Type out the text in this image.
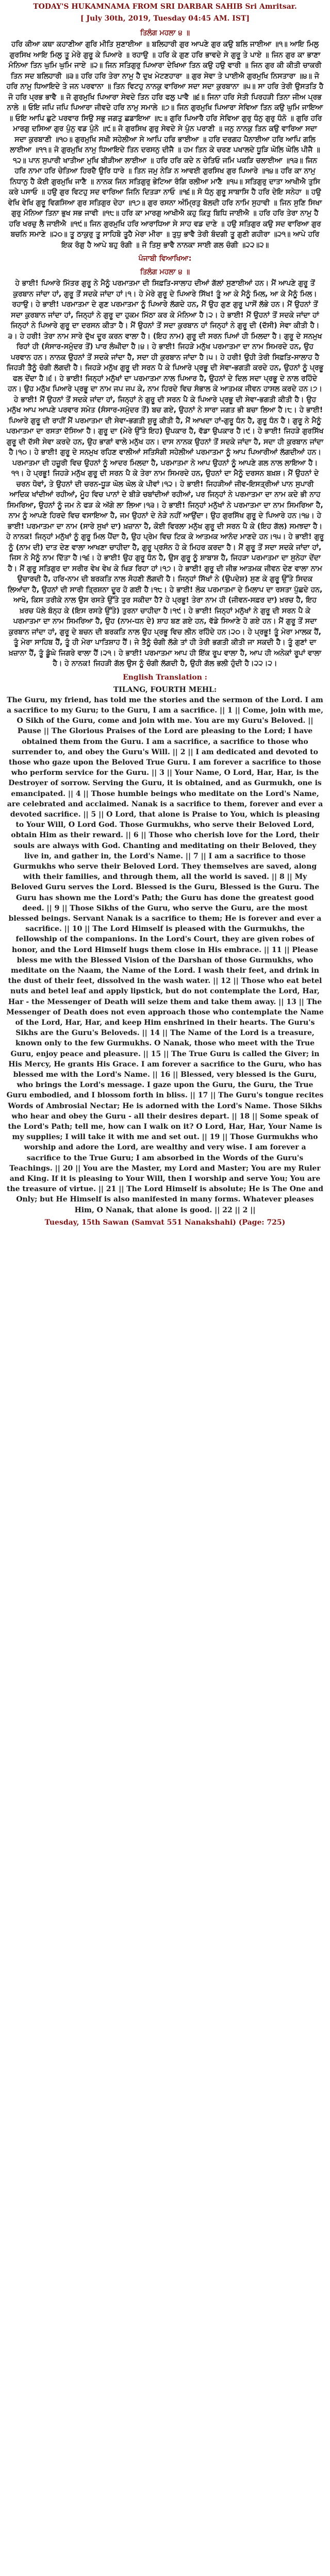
TODAY'S HUKAMNAMA FROM SRI DARBAR SAHIB Sri Amritsar.

[ July 30th, 2019, Tuesday 04:45 AM. IST]

ਤਿਲੰਗ ਮਹਲਾ ੪ ॥

ਹਰਿ ਕੀਆ ਕਥਾ ਕਹਾਣੀਆ ਗੁਰਿ ਮੀਤਿ ਸੁਣਾਈਆ ॥ ਬਲਿਹਾਰੀ ਗੁਰ ਆਪਣੇ ਗੁਰ ਕਉ ਬਲਿ ਜਾਈਆ ॥੧॥ ਆਇ ਮਿਲੁ ਗੁਰਸਿਖ ਆਇ ਮਿਲੁ ਤੂ ਮੇਰੇ ਗੁਰੂ ਕੇ ਪਿਆਰੇ ॥ ਰਹਾਉ ॥ ਹਰਿ ਕੇ ਗੁਣ ਹਰਿ ਭਾਵਦੇ ਸੇ ਗੁਰੂ ਤੇ ਪਾਏ ॥ ਜਿਨ ਗੁਰ ਕਾ ਭਾਣਾ ਮੰਨਿਆ ਤਿਨ ਘੁਮਿ ਘੁਮਿ ਜਾਏ ॥੨॥ ਜਿਨ ਸਤਿਗੁਰੁ ਪਿਆਰਾ ਦੇਖਿਆ ਤਿਨ ਕਉ ਹਉ ਵਾਰੀ ॥ ਜਿਨ ਗੁਰ ਕੀ ਕੀਤੀ ਚਾਕਰੀ ਤਿਨ ਸਦ ਬਲਿਹਾਰੀ ॥੩॥ ਹਰਿ ਹਰਿ ਤੇਰਾ ਨਾਮੁ ਹੈ ਦੁਖ ਮੇਟਣਹਾਰਾ ॥ ਗੁਰ ਸੇਵਾ ਤੇ ਪਾਈਐ ਗੁਰਮੁਖਿ ਨਿਸਤਾਰਾ ॥੪॥ ਜੋ ਹਰਿ ਨਾਮੁ ਧਿਆਇਦੇ ਤੇ ਜਨ ਪਰਵਾਨਾ ॥ ਤਿਨ ਵਿਟਹੁ ਨਾਨਕੁ ਵਾਰਿਆ ਸਦਾ ਸਦਾ ਕੁਰਬਾਨਾ ॥੫॥ ਸਾ ਹਰਿ ਤੇਰੀ ਉਸਤਤਿ ਹੈ ਜੋ ਹਰਿ ਪ੍ਰਭ ਭਾਵੈ ॥ ਜੋ ਗੁਰਮੁਖਿ ਪਿਆਰਾ ਸੇਵਦੇ ਤਿਨ ਹਰਿ ਫਲੁ ਪਾਵੈ ॥੬॥ ਜਿਨਾ ਹਰਿ ਸੇਤੀ ਪਿਰਹੜੀ ਤਿਨਾ ਜੀਅ ਪ੍ਰਭ ਨਾਲੇ ॥ ਓਇ ਜਪਿ ਜਪਿ ਪਿਆਰਾ ਜੀਵਦੇ ਹਰਿ ਨਾਮੁ ਸਮਾਲੇ ॥੭॥ ਜਿਨ ਗੁਰਮੁਖਿ ਪਿਆਰਾ ਸੇਵਿਆ ਤਿਨ ਕਉ ਘੁਮਿ ਜਾਇਆ ॥ ਓਇ ਆਪਿ ਛੁਟੇ ਪਰਵਾਰ ਸਿਉ ਸਭੁ ਜਗਤੁ ਛਡਾਇਆ ॥੮॥ ਗੁਰਿ ਪਿਆਰੈ ਹਰਿ ਸੇਵਿਆ ਗੁਰੁ ਧੰਨੁ ਗੁਰੁ ਧੰਨੋ ॥ ਗੁਰਿ ਹਰਿ ਮਾਰਗੁ ਦਸਿਆ ਗੁਰ ਪੁੰਨੁ ਵਡ ਪੁੰਨੋ ॥੯॥ ਜੋ ਗੁਰਸਿਖ ਗੁਰੁ ਸੇਵਦੇ ਸੇ ਪੁੰਨ ਪਰਾਣੀ ॥ ਜਨੁ ਨਾਨਕੁ ਤਿਨ ਕਉ ਵਾਰਿਆ ਸਦਾ ਸਦਾ ਕੁਰਬਾਣੀ ॥੧੦॥ ਗੁਰਮੁਖਿ ਸਖੀ ਸਹੇਲੀਆ ਸੇ ਆਪਿ ਹਰਿ ਭਾਈਆ ॥ ਹਰਿ ਦਰਗਹ ਪੈਨਾਈਆ ਹਰਿ ਆਪਿ ਗਲਿ ਲਾਈਆ ॥੧੧॥ ਜੋ ਗੁਰਮੁਖਿ ਨਾਮੁ ਧਿਆਇਦੇ ਤਿਨ ਦਰਸਨੁ ਦੀਜੈ ॥ ਹਮ ਤਿਨ ਕੇ ਚਰਣ ਪਖਾਲਦੇ ਧੂੜਿ ਘੋਲਿ ਘੋਲਿ ਪੀਜੈ ॥੧੨॥ ਪਾਨ ਸੁਪਾਰੀ ਖਾਤੀਆ ਮੁਖਿ ਬੀੜੀਆ ਲਾਈਆ ॥ ਹਰਿ ਹਰਿ ਕਦੇ ਨ ਚੇਤਿਓ ਜਮਿ ਪਕੜਿ ਚਲਾਈਆ ॥੧੩॥ ਜਿਨ ਹਰਿ ਨਾਮਾ ਹਰਿ ਚੇਤਿਆ ਹਿਰਦੈ ਉਰਿ ਧਾਰੇ ॥ ਤਿਨ ਜਮੁ ਨੇੜਿ ਨ ਆਵਈ ਗੁਰਸਿਖ ਗੁਰ ਪਿਆਰੇ ॥੧੪॥ ਹਰਿ ਕਾ ਨਾਮੁ ਨਿਧਾਨੁ ਹੈ ਕੋਈ ਗੁਰਮੁਖਿ ਜਾਣੈ ॥ ਨਾਨਕ ਜਿਨ ਸਤਿਗੁਰੁ ਭੇਟਿਆ ਰੰਗਿ ਰਲੀਆ ਮਾਣੈ ॥੧੫॥ ਸਤਿਗੁਰੁ ਦਾਤਾ ਆਖੀਐ ਤੁਸਿ ਕਰੇ ਪਸਾਓ ॥ ਹਉ ਗੁਰ ਵਿਟਹੁ ਸਦ ਵਾਰਿਆ ਜਿਨਿ ਦਿਤੜਾ ਨਾਓ ॥੧੬॥ ਸੋ ਧੰਨੁ ਗੁਰੂ ਸਾਬਾਸਿ ਹੈ ਹਰਿ ਦੇਇ ਸਨੇਹਾ ॥ ਹਉ ਵੇਖਿ ਵੇਖਿ ਗੁਰੂ ਵਿਗਸਿਆ ਗੁਰ ਸਤਿਗੁਰ ਦੇਹਾ ॥੧੭॥ ਗੁਰ ਰਸਨਾ ਅੰਮ੍ਰਿਤੁ ਬੋਲਦੀ ਹਰਿ ਨਾਮਿ ਸੁਹਾਵੀ ॥ ਜਿਨ ਸੁਣਿ ਸਿਖਾ ਗੁਰੁ ਮੰਨਿਆ ਤਿਨਾ ਭੁਖ ਸਭ ਜਾਵੀ ॥੧੮॥ ਹਰਿ ਕਾ ਮਾਰਗੁ ਆਖੀਐ ਕਹੁ ਕਿਤੁ ਬਿਧਿ ਜਾਈਐ ॥ ਹਰਿ ਹਰਿ ਤੇਰਾ ਨਾਮੁ ਹੈ ਹਰਿ ਖਰਚੁ ਲੈ ਜਾਈਐ ॥੧੯॥ ਜਿਨ ਗੁਰਮੁਖਿ ਹਰਿ ਆਰਾਧਿਆ ਸੇ ਸਾਹ ਵਡ ਦਾਣੇ ॥ ਹਉ ਸਤਿਗੁਰ ਕਉ ਸਦ ਵਾਰਿਆ ਗੁਰ ਬਚਨਿ ਸਮਾਣੇ ॥੨੦॥ ਤੂ ਠਾਕੁਰੁ ਤੂ ਸਾਹਿਬੋ ਤੂਹੈ ਮੇਰਾ ਮੀਰਾ ॥ ਤੁਧੁ ਭਾਵੈ ਤੇਰੀ ਬੰਦਗੀ ਤੂ ਗੁਣੀ ਗਹੀਰਾ ॥੨੧॥ ਆਪੇ ਹਰਿ ਇਕ ਰੰਗੁ ਹੈ ਆਪੇ ਬਹੁ ਰੰਗੀ ॥ ਜੋ ਤਿਸੁ ਭਾਵੈ ਨਾਨਕਾ ਸਾਈ ਗਲ ਚੰਗੀ ॥੨੨॥੨॥

ਪੰਜਾਬੀ ਵਿਆਖਿਆ:

ਤਿਲੰਗ ਮਹਲਾ ੪ ॥

ਹੇ ਭਾਈ! ਪਿਆਰੇ ਮਿੱਤਰ ਗੁਰੂ ਨੇ ਮੈਨੂੰ ਪਰਮਾਤਮਾ ਦੀ ਸਿਫ਼ਤਿ-ਸਾਲਾਹ ਦੀਆਂ ਗੱਲਾਂ ਸੁਣਾਈਆਂ ਹਨ। ਮੈਂ ਆਪਣੇ ਗੁਰੂ ਤੋਂ ਕੁਰਬਾਨ ਜਾਂਦਾ ਹਾਂ, ਗੁਰੂ ਤੋਂ ਸਦਕੇ ਜਾਂਦਾ ਹਾਂ।੧। ਹੇ ਮੇਰੇ ਗੁਰੂ ਦੇ ਪਿਆਰੇ ਸਿੱਖ! ਤੂੰ ਆ ਕੇ ਮੈਨੂੰ ਮਿਲ, ਆ ਕੇ ਮੈਨੂੰ ਮਿਲ।ਰਹਾਉ। ਹੇ ਭਾਈ! ਪਰਮਾਤਮਾ ਦੇ ਗੁਣ ਪਰਮਾਤਮਾ ਨੂੰ ਪਿਆਰੇ ਲੱਗਦੇ ਹਨ, ਮੈਂ ਉਹ ਗੁਣ ਗੁਰੂ ਪਾਸੋਂ ਲੱਭੇ ਹਨ। ਮੈਂ ਉਹਨਾਂ ਤੋਂ ਸਦਾ ਕੁਰਬਾਨ ਜਾਂਦਾ ਹਾਂ, ਜਿਨ੍ਹਾਂ ਨੇ ਗੁਰੂ ਦਾ ਹੁਕਮ ਮਿੱਠਾ ਕਰ ਕੇ ਮੰਨਿਆ ਹੈ।੨। ਹੇ ਭਾਈ! ਮੈਂ ਉਹਨਾਂ ਤੋਂ ਸਦਕੇ ਜਾਂਦਾ ਹਾਂ ਜਿਨ੍ਹਾਂ ਨੇ ਪਿਆਰੇ ਗੁਰੂ ਦਾ ਦਰਸਨ ਕੀਤਾ ਹੈ। ਮੈਂ ਉਹਨਾਂ ਤੋਂ ਸਦਾ ਕੁਰਬਾਨ ਹਾਂ ਜਿਨ੍ਹਾਂ ਨੇ ਗੁਰੂ ਦੀ (ਦੱਸੀ) ਸੇਵਾ ਕੀਤੀ ਹੈ।੩। ਹੇ ਹਰੀ! ਤੇਰਾ ਨਾਮ ਸਾਰੇ ਦੁੱਖ ਦੂਰ ਕਰਨ ਵਾਲਾ ਹੈ। (ਇਹ ਨਾਮ) ਗੁਰੂ ਦੀ ਸਰਨ ਪਿਆਂ ਹੀ ਮਿਲਦਾ ਹੈ। ਗੁਰੂ ਦੇ ਸਨਮੁਖ ਰਿਹਾਂ ਹੀ (ਸੰਸਾਰ-ਸਮੁੰਦਰ ਤੋਂ) ਪਾਰ ਲੰਘੀਦਾ ਹੈ।੪। ਹੇ ਭਾਈ! ਜਿਹੜੇ ਮਨੁੱਖ ਪਰਮਾਤਮਾ ਦਾ ਨਾਮ ਸਿਮਰਦੇ ਹਨ, ਉਹ ਪਰਵਾਨ ਹਨ। ਨਾਨਕ ਉਹਨਾਂ ਤੋਂ ਸਦਕੇ ਜਾਂਦਾ ਹੈ, ਸਦਾ ਹੀ ਕੁਰਬਾਨ ਜਾਂਦਾ ਹੈ।੫। ਹੇ ਹਰੀ! ਉਹੀ ਤੇਰੀ ਸਿਫ਼ਤਿ-ਸਾਲਾਹ ਹੈ ਜਿਹੜੀ ਤੈਨੂੰ ਚੰਗੀ ਲੱਗਦੀ ਹੈ। ਜਿਹੜੇ ਮਨੁੱਖ ਗੁਰੂ ਦੀ ਸਰਨ ਪੈ ਕੇ ਪਿਆਰੇ ਪ੍ਰਭੂ ਦੀ ਸੇਵਾ-ਭਗਤੀ ਕਰਦੇ ਹਨ, ਉਹਨਾਂ ਨੂੰ ਪ੍ਰਭੂ ਫਲ ਦੇਂਦਾ ਹੈ।੬। ਹੇ ਭਾਈ! ਜਿਨ੍ਹਾਂ ਮਨੁੱਖਾਂ ਦਾ ਪਰਮਾਤਮਾ ਨਾਲ ਪਿਆਰ ਹੈ, ਉਹਨਾਂ ਦੇ ਦਿਲ ਸਦਾ ਪ੍ਰਭੂ ਦੇ ਨਾਲ ਰਹਿੰਦੇ ਹਨ। ਉਹ ਮਨੁੱਖ ਪਿਆਰੇ ਪ੍ਰਭੂ ਦਾ ਨਾਮ ਜਪ ਜਪ ਕੇ, ਨਾਮ ਹਿਰਦੇ ਵਿਚ ਸੰਭਾਲ ਕੇ ਆਤਮਕ ਜੀਵਨ ਹਾਸਲ ਕਰਦੇ ਹਨ।੭। ਹੇ ਭਾਈ! ਮੈਂ ਉਹਨਾਂ ਤੋਂ ਸਦਕੇ ਜਾਂਦਾ ਹਾਂ, ਜਿਨ੍ਹਾਂ ਨੇ ਗੁਰੂ ਦੀ ਸਰਨ ਪੈ ਕੇ ਪਿਆਰੇ ਪ੍ਰਭੂ ਦੀ ਸੇਵਾ-ਭਗਤੀ ਕੀਤੀ ਹੈ। ਉਹ ਮਨੁੱਖ ਆਪ ਆਪਣੇ ਪਰਵਾਰ ਸਮੇਤ (ਸੰਸਾਰ-ਸਮੁੰਦਰ ਤੋਂ) ਬਚ ਗਏ, ਉਹਨਾਂ ਨੇ ਸਾਰਾ ਜਗਤ ਭੀ ਬਚਾ ਲਿਆ ਹੈ।੮। ਹੇ ਭਾਈ! ਪਿਆਰੇ ਗੁਰੂ ਦੀ ਰਾਹੀਂ ਮੈਂ ਪਰਮਾਤਮਾ ਦੀ ਸੇਵਾ-ਭਗਤੀ ਸ਼ੁਰੂ ਕੀਤੀ ਹੈ, ਮੈਂ ਆਖਦਾ ਹਾਂ-ਗੁਰੂ ਧੰਨ ਹੈ, ਗੁਰੂ ਧੰਨ ਹੈ। ਗੁਰੂ ਨੇ ਮੈਨੂੰ ਪਰਮਾਤਮਾ ਦਾ ਰਸਤਾ ਦੱਸਿਆ ਹੈ। ਗੁਰੂ ਦਾ (ਮੇਰੇ ਉੱਤੇ ਇਹ) ਉਪਕਾਰ ਹੈ, ਵੱਡਾ ਉਪਕਾਰ ਹੈ।੯। ਹੇ ਭਾਈ! ਜਿਹੜੇ ਗੁਰਸਿੱਖ ਗੁਰੂ ਦੀ ਦੱਸੀ ਸੇਵਾ ਕਰਦੇ ਹਨ, ਉਹ ਭਾਗਾਂ ਵਾਲੇ ਮਨੁੱਖ ਹਨ। ਦਾਸ ਨਾਨਕ ਉਹਨਾਂ ਤੋਂ ਸਦਕੇ ਜਾਂਦਾ ਹੈ, ਸਦਾ ਹੀ ਕੁਰਬਾਨ ਜਾਂਦਾ ਹੈ।੧੦। ਹੇ ਭਾਈ! ਗੁਰੂ ਦੇ ਸਨਮੁਖ ਰਹਿਣ ਵਾਲੀਆਂ ਸਤਿਸੰਗੀ ਸਹੇਲੀਆਂ ਪਰਮਾਤਮਾ ਨੂੰ ਆਪ ਪਿਆਰੀਆਂ ਲੱਗਦੀਆਂ ਹਨ। ਪਰਮਾਤਮਾ ਦੀ ਹਜ਼ੂਰੀ ਵਿਚ ਉਹਨਾਂ ਨੂੰ ਆਦਰ ਮਿਲਦਾ ਹੈ, ਪਰਮਾਤਮਾ ਨੇ ਆਪ ਉਹਨਾਂ ਨੂੰ ਆਪਣੇ ਗਲ ਨਾਲ ਲਾਇਆ ਹੈ।੧੧। ਹੇ ਪ੍ਰਭੂ! ਜਿਹੜੇ ਮਨੁੱਖ ਗੁਰੂ ਦੀ ਸਰਨ ਪੈ ਕੇ ਤੇਰਾ ਨਾਮ ਸਿਮਰਦੇ ਹਨ, ਉਹਨਾਂ ਦਾ ਮੈਨੂੰ ਦਰਸਨ ਬਖ਼ਸ਼। ਮੈਂ ਉਹਨਾਂ ਦੇ ਚਰਨ ਧੋਵਾਂ, ਤੇ ਉਹਨਾਂ ਦੀ ਚਰਨ-ਧੂੜ ਘੋਲ ਘੋਲ ਕੇ ਪੀਵਾਂ।੧੨। ਹੇ ਭਾਈ! ਜਿਹੜੀਆਂ ਜੀਵ-ਇਸਤ੍ਰੀਆਂ ਪਾਨ ਸੁਪਾਰੀ ਆਦਿਕ ਖਾਂਦੀਆਂ ਰਹੀਆਂ, ਮੂੰਹ ਵਿਚ ਪਾਨਾਂ ਦੇ ਬੀੜੇ ਚਬਾਂਦੀਆਂ ਰਹੀਆਂ, ਪਰ ਜਿਨ੍ਹਾਂ ਨੇ ਪਰਮਾਤਮਾ ਦਾ ਨਾਮ ਕਦੇ ਭੀ ਨਾਹ ਸਿਮਰਿਆ, ਉਹਨਾਂ ਨੂੰ ਜਮ ਨੇ ਫੜ ਕੇ ਅੱਗੇ ਲਾ ਲਿਆ।੧੩। ਹੇ ਭਾਈ! ਜਿਨ੍ਹਾਂ ਮਨੁੱਖਾਂ ਨੇ ਪਰਮਾਤਮਾ ਦਾ ਨਾਮ ਸਿਮਰਿਆ ਹੈ, ਨਾਮ ਨੂੰ ਆਪਣੇ ਹਿਰਦੇ ਵਿਚ ਵਸਾਇਆ ਹੈ, ਜਮ ਉਹਨਾਂ ਦੇ ਨੇੜੇ ਨਹੀਂ ਆਉਂਦਾ। ਉਹ ਗੁਰਸਿੱਖ ਗੁਰੂ ਦੇ ਪਿਆਰੇ ਹਨ।੧੪। ਹੇ ਭਾਈ! ਪਰਮਾਤਮਾ ਦਾ ਨਾਮ (ਸਾਰੇ ਸੁਖਾਂ ਦਾ) ਖ਼ਜ਼ਾਨਾ ਹੈ, ਕੋਈ ਵਿਰਲਾ ਮਨੁੱਖ ਗੁਰੂ ਦੀ ਸਰਨ ਪੈ ਕੇ (ਇਹ ਗੱਲ) ਸਮਝਦਾ ਹੈ। ਹੇ ਨਾਨਕ! ਜਿਨ੍ਹਾਂ ਮਨੁੱਖਾਂ ਨੂੰ ਗੁਰੂ ਮਿਲ ਪੈਂਦਾ ਹੈ, ਉਹ ਪ੍ਰੇਮ ਵਿਚ ਟਿਕ ਕੇ ਆਤਮਕ ਆਨੰਦ ਮਾਣਦੇ ਹਨ।੧੫। ਹੇ ਭਾਈ! ਗੁਰੂ ਨੂੰ (ਨਾਮ ਦੀ) ਦਾਤ ਦੇਣ ਵਾਲਾ ਆਖਣਾ ਚਾਹੀਦਾ ਹੈ, ਗੁਰੂ ਪ੍ਰਸੰਨ ਹੋ ਕੇ ਮਿਹਰ ਕਰਦਾ ਹੈ। ਮੈਂ ਗੁਰੂ ਤੋਂ ਸਦਾ ਸਦਕੇ ਜਾਂਦਾ ਹਾਂ, ਜਿਸ ਨੇ ਮੈਨੂੰ ਨਾਮ ਦਿੱਤਾ ਹੈ।੧੬। ਹੇ ਭਾਈ! ਉਹ ਗੁਰੂ ਧੰਨ ਹੈ, ਉਸ ਗੁਰੂ ਨੂੰ ਸ਼ਾਬਾਸ਼ ਹੈ, ਜਿਹੜਾ ਪਰਮਾਤਮਾ ਦਾ ਸੁਨੇਹਾ ਦੇਂਦਾ ਹੈ। ਮੈਂ ਗੁਰੂ ਸਤਿਗੁਰ ਦਾ ਸਰੀਰ ਵੇਖ ਵੇਖ ਕੇ ਖਿੜ ਰਿਹਾ ਹਾਂ।੧੭। ਹੇ ਭਾਈ! ਗੁਰੂ ਦੀ ਜੀਭ ਆਤਮਕ ਜੀਵਨ ਦੇਣ ਵਾਲਾ ਨਾਮ ਉਚਾਰਦੀ ਹੈ, ਹਰਿ-ਨਾਮ ਦੀ ਬਰਕਤਿ ਨਾਲ ਸੋਹਣੀ ਲੱਗਦੀ ਹੈ। ਜਿਨ੍ਹਾਂ ਸਿੱਖਾਂ ਨੇ (ਉਪਦੇਸ਼) ਸੁਣ ਕੇ ਗੁਰੂ ਉੱਤੇ ਸਿਦਕ ਲਿਆਂਦਾ ਹੈ, ਉਹਨਾਂ ਦੀ ਸਾਰੀ ਤ੍ਰਿਸ਼ਨਾ ਦੂਰ ਹੋ ਗਈ ਹੈ।੧੮। ਹੇ ਭਾਈ! ਲੋਕ ਪਰਮਾਤਮਾ ਦੇ ਮਿਲਾਪ ਦਾ ਰਸਤਾ ਪੁੱਛਦੇ ਹਨ, ਆਖੋ, ਕਿਸ ਤਰੀਕੇ ਨਾਲ ਉਸ ਰਸਤੇ ਉੱਤੇ ਤੁਰ ਸਕੀਦਾ ਹੈ? ਹੇ ਪ੍ਰਭੂ! ਤੇਰਾ ਨਾਮ ਹੀ (ਜੀਵਨ-ਸਫ਼ਰ ਦਾ) ਖ਼ਰਚ ਹੈ, ਇਹ ਖ਼ਰਚ ਪੱਲੇ ਬੰਨ੍ਹ ਕੇ (ਇਸ ਰਸਤੇ ਉੱਤੇ) ਤੁਰਨਾ ਚਾਹੀਦਾ ਹੈ।੧੯। ਹੇ ਭਾਈ! ਜਿਨ੍ਹਾਂ ਮਨੁੱਖਾਂ ਨੇ ਗੁਰੂ ਦੀ ਸਰਨ ਪੈ ਕੇ ਪਰਮਾਤਮਾ ਦਾ ਨਾਮ ਸਿਮਰਿਆ ਹੈ, ਉਹ (ਨਾਮ-ਧਨ ਦੇ) ਸ਼ਾਹ ਬਣ ਗਏ ਹਨ, ਵੱਡੇ ਸਿਆਣੇ ਹੋ ਗਏ ਹਨ। ਮੈਂ ਗੁਰੂ ਤੋਂ ਸਦਾ ਕੁਰਬਾਨ ਜਾਂਦਾ ਹਾਂ, ਗੁਰੂ ਦੇ ਬਚਨ ਦੀ ਬਰਕਤਿ ਨਾਲ ਉਹ ਪ੍ਰਭੂ ਵਿਚ ਲੀਨ ਰਹਿੰਦੇ ਹਨ।੨੦। ਹੇ ਪ੍ਰਭੂ! ਤੂੰ ਮੇਰਾ ਮਾਲਕ ਹੈਂ, ਤੂੰ ਮੇਰਾ ਸਾਹਿਬ ਹੈਂ, ਤੂੰ ਹੀ ਮੇਰਾ ਪਾਤਿਸ਼ਾਹ ਹੈਂ। ਜੇ ਤੈਨੂੰ ਚੰਗੀ ਲੱਗੇ ਤਾਂ ਹੀ ਤੇਰੀ ਭਗਤੀ ਕੀਤੀ ਜਾ ਸਕਦੀ ਹੈ। ਤੂੰ ਗੁਣਾਂ ਦਾ ਖ਼ਜ਼ਾਨਾ ਹੈਂ, ਤੂੰ ਡੂੰਘੇ ਜਿਗਰੇ ਵਾਲਾ ਹੈਂ।੨੧। ਹੇ ਭਾਈ! ਪਰਮਾਤਮਾ ਆਪ ਹੀ ਇੱਕ ਰੂਪ ਵਾਲਾ ਹੈ, ਆਪ ਹੀ ਅਨੇਕਾਂ ਰੂਪਾਂ ਵਾਲਾ ਹੈ। ਹੇ ਨਾਨਕ! ਜਿਹੜੀ ਗੱਲ ਉਸ ਨੂੰ ਚੰਗੀ ਲੱਗਦੀ ਹੈ, ਉਹੀ ਗੱਲ ਭਲੀ ਹੁੰਦੀ ਹੈ।੨੨।੨।

English Translation :

TILANG, FOURTH MEHL:

The Guru, my friend, has told me the stories and the sermon of the Lord. I am a sacrifice to my Guru; to the Guru, I am a sacrifice. || 1 || Come, join with me, O Sikh of the Guru, come and join with me. You are my Guru's Beloved. || Pause || The Glorious Praises of the Lord are pleasing to the Lord; I have obtained them from the Guru. I am a sacrifice, a sacrifice to those who surrender to, and obey the Guru's Will. || 2 || I am dedicated and devoted to those who gaze upon the Beloved True Guru. I am forever a sacrifice to those who perform service for the Guru. || 3 || Your Name, O Lord, Har, Har, is the Destroyer of sorrow. Serving the Guru, it is obtained, and as Gurmukh, one is emancipated. || 4 || Those humble beings who meditate on the Lord's Name, are celebrated and acclaimed. Nanak is a sacrifice to them, forever and ever a devoted sacrifice. || 5 || O Lord, that alone is Praise to You, which is pleasing to Your Will, O Lord God. Those Gurmukhs, who serve their Beloved Lord, obtain Him as their reward. || 6 || Those who cherish love for the Lord, their souls are always with God. Chanting and meditating on their Beloved, they live in, and gather in, the Lord's Name. || 7 || I am a sacrifice to those Gurmukhs who serve their Beloved Lord. They themselves are saved, along with their families, and through them, all the world is saved. || 8 || My Beloved Guru serves the Lord. Blessed is the Guru, Blessed is the Guru. The Guru has shown me the Lord's Path; the Guru has done the greatest good deed. || 9 || Those Sikhs of the Guru, who serve the Guru, are the most blessed beings. Servant Nanak is a sacrifice to them; He is forever and ever a sacrifice. || 10 || The Lord Himself is pleased with the Gurmukhs, the fellowship of the companions. In the Lord's Court, they are given robes of honor, and the Lord Himself hugs them close in His embrace. || 11 || Please bless me with the Blessed Vision of the Darshan of those Gurmukhs, who meditate on the Naam, the Name of the Lord. I wash their feet, and drink in the dust of their feet, dissolved in the wash water. || 12 || Those who eat betel nuts and betel leaf and apply lipstick, but do not contemplate the Lord, Har, Har - the Messenger of Death will seize them and take them away. || 13 || The Messenger of Death does not even approach those who contemplate the Name of the Lord, Har, Har, and keep Him enshrined in their hearts. The Guru's Sikhs are the Guru's Beloveds. || 14 || The Name of the Lord is a treasure, known only to the few Gurmukhs. O Nanak, those who meet with the True Guru, enjoy peace and pleasure. || 15 || The True Guru is called the Giver; in His Mercy, He grants His Grace. I am forever a sacrifice to the Guru, who has blessed me with the Lord's Name. || 16 || Blessed, very blessed is the Guru, who brings the Lord's message. I gaze upon the Guru, the Guru, the True Guru embodied, and I blossom forth in bliss. || 17 || The Guru's tongue recites Words of Ambrosial Nectar; He is adorned with the Lord's Name. Those Sikhs who hear and obey the Guru - all their desires depart. || 18 || Some speak of the Lord's Path; tell me, how can I walk on it? O Lord, Har, Har, Your Name is my supplies; I will take it with me and set out. || 19 || Those Gurmukhs who worship and adore the Lord, are wealthy and very wise. I am forever a sacrifice to the True Guru; I am absorbed in the Words of the Guru's Teachings. || 20 || You are the Master, my Lord and Master; You are my Ruler and King. If it is pleasing to Your Will, then I worship and serve You; You are the treasure of virtue. || 21 || The Lord Himself is absolute; He is The One and Only; but He Himself is also manifested in many forms. Whatever pleases Him, O Nanak, that alone is good. || 22 || 2 ||

Tuesday, 15th Sawan (Samvat 551 Nanakshahi) (Page: 725)
